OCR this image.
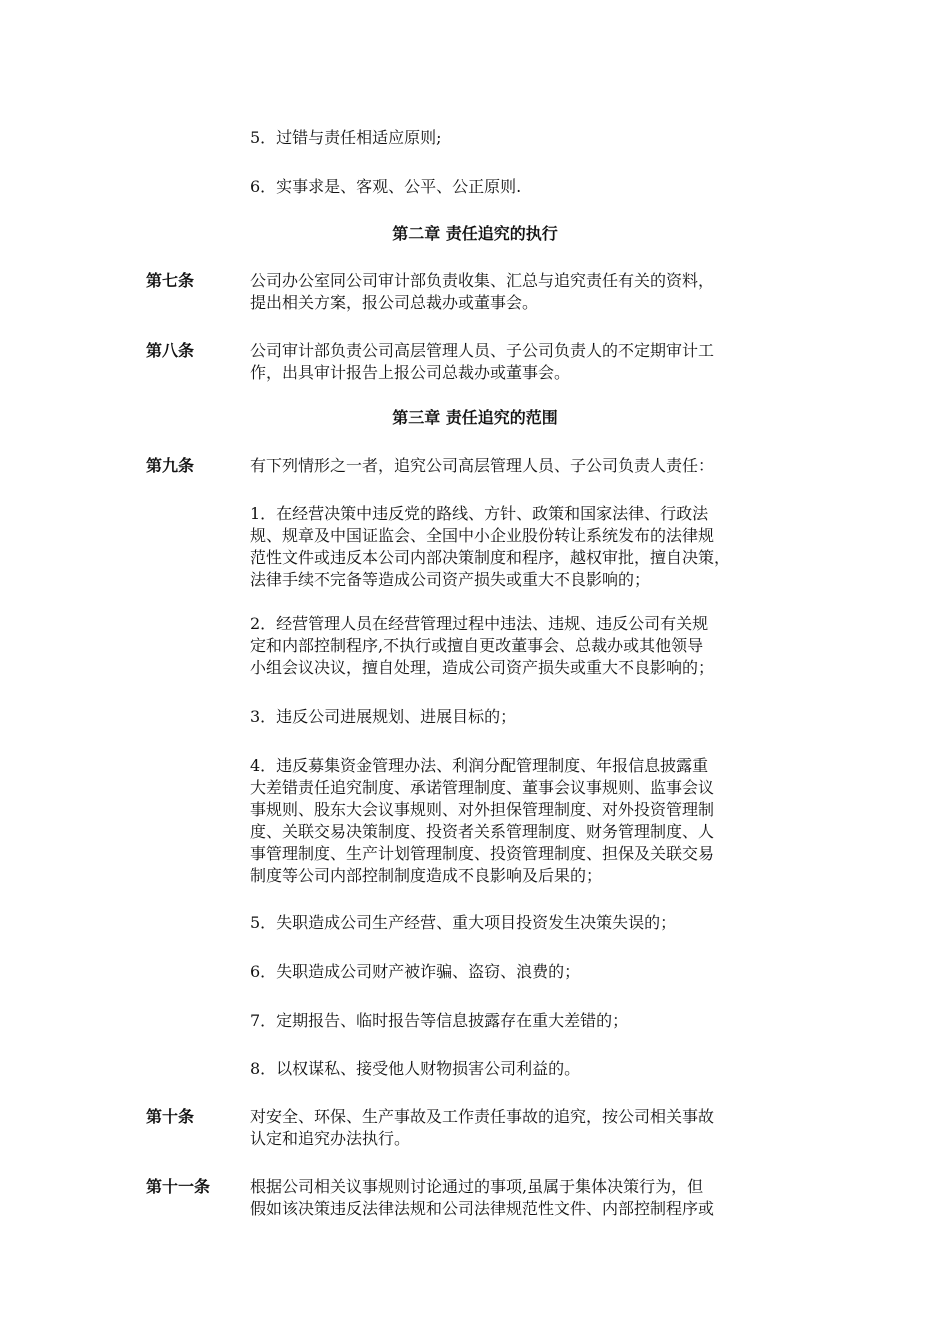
5．过错与责任相适应原则;
6．实事求是、客观、公平、公正原则.
第二章 责任追究的执行
第七条	公司办公室同公司审计部负责收集、汇总与追究责任有关的资料，
提出相关方案，报公司总裁办或董事会。
第八条	公司审计部负责公司高层管理人员、子公司负责人的不定期审计工
作，出具审计报告上报公司总裁办或董事会。
第三章 责任追究的范围
第九条	有下列情形之一者，追究公司高层管理人员、子公司负责人责任：
1．在经营决策中违反党的路线、方针、政策和国家法律、行政法
规、规章及中国证监会、全国中小企业股份转让系统发布的法律规
范性文件或违反本公司内部决策制度和程序，越权审批，擅自决策，
法律手续不完备等造成公司资产损失或重大不良影响的；
2．经营管理人员在经营管理过程中违法、违规、违反公司有关规
定和内部控制程序,不执行或擅自更改董事会、总裁办或其他领导
小组会议决议，擅自处理，造成公司资产损失或重大不良影响的；
3．违反公司进展规划、进展目标的；
4．违反募集资金管理办法、利润分配管理制度、年报信息披露重
大差错责任追究制度、承诺管理制度、董事会议事规则、监事会议
事规则、股东大会议事规则、对外担保管理制度、对外投资管理制
度、关联交易决策制度、投资者关系管理制度、财务管理制度、人
事管理制度、生产计划管理制度、投资管理制度、担保及关联交易
制度等公司内部控制制度造成不良影响及后果的；
5．失职造成公司生产经营、重大项目投资发生决策失误的；
6．失职造成公司财产被诈骗、盗窃、浪费的；
7．定期报告、临时报告等信息披露存在重大差错的；
8．以权谋私、接受他人财物损害公司利益的。
第十条	对安全、环保、生产事故及工作责任事故的追究，按公司相关事故
认定和追究办法执行。
第十一条 根据公司相关议事规则讨论通过的事项,虽属于集体决策行为，但
假如该决策违反法律法规和公司法律规范性文件、内部控制程序或
